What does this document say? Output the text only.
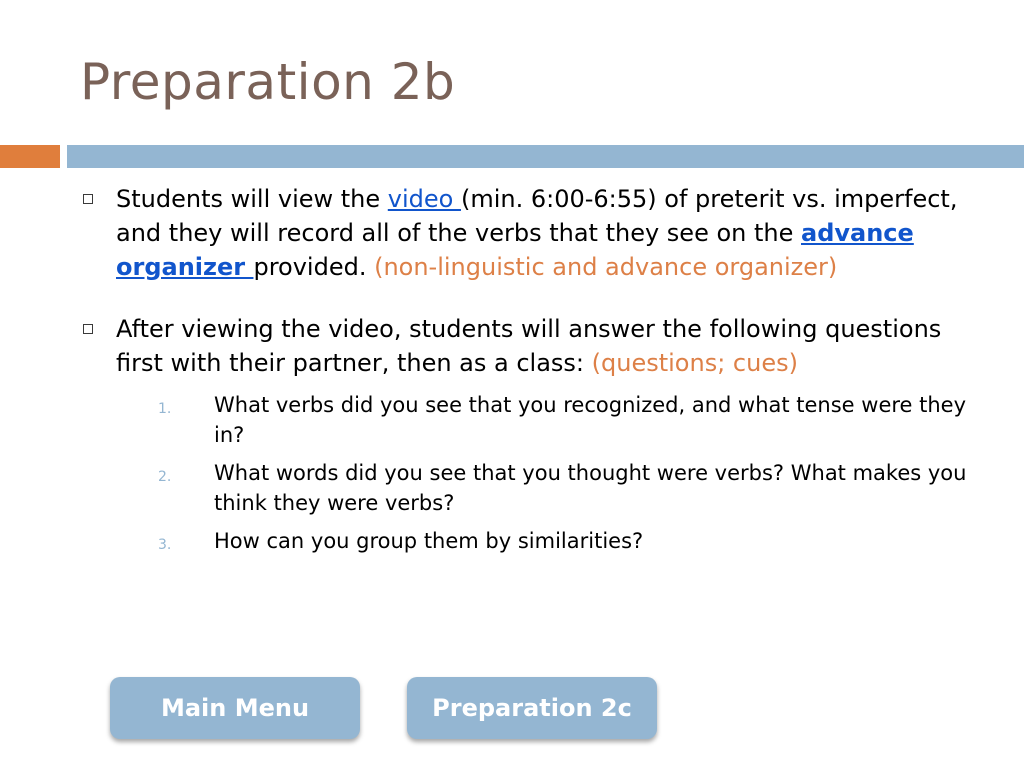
Preparation 2b
Students will view the video (min. 6:00-6:55) of preterit vs. imperfect, and they will record all of the verbs that they see on the advance organizer provided. (non-linguistic and advance organizer)
After viewing the video, students will answer the following questions first with their partner, then as a class: (questions; cues)
1. What verbs did you see that you recognized, and what tense were they in?
2. What words did you see that you thought were verbs? What makes you think they were verbs?
3. How can you group them by similarities?
Main Menu	Preparation 2c
